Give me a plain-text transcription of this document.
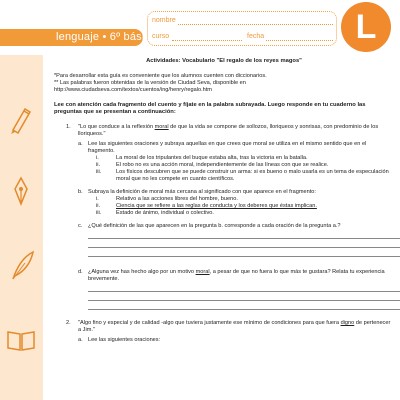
lenguaje • 6º básico
nombre
curso	fecha	L
Actividades: Vocabulario "El regalo de los reyes magos"

*Para desarrollar esta guía es conveniente que los alumnos cuenten con diccionarios.

** Las palabras fueron obtenidas de la versión de Ciudad Seva, disponible en

http://www.ciudadseva.com/textos/cuentos/ing/henry/regalo.htm

Lee con atención cada fragmento del cuento y fíjate en la palabra subrayada. Luego responde en tu cuaderno las preguntas que se presentan a continuación:
1. "Lo que conduce a la reflexión moral de que la vida se compone de sollozos, lloriqueos y sonrisas, con predominio de los lloriqueos."
a. Lee las siguientes oraciones y subraya aquellas en que crees que moral se utiliza en el mismo sentido que en el fragmento.
i.	La moral de los tripulantes del buque estaba alta, tras la victoria en la batalla.
ii.	El robo no es una acción moral, independientemente de las líneas con que se realice.
iii.	Los físicos descubren que se puede construir un arma: si es bueno o malo usarla es un tema de especulación moral que no les compete en cuanto científicos.
b. Subraya la definición de moral más cercana al significado con que aparece en el fragmento:
i.	Relativo a las acciones libres del hombre, bueno.
ii.	Ciencia que se refiere a las reglas de conducta y los deberes que éstas implican.
iii.	Estado de ánimo, individual o colectivo.
c. ¿Qué definición de las que aparecen en la pregunta b. corresponde a cada oración de la pregunta a.?
d. ¿Alguna vez has hecho algo por un motivo moral, a pesar de que no fuera lo que más te gustara? Relata tu experiencia brevemente.
2. "Algo fino y especial y de calidad -algo que tuviera justamente ese mínimo de condiciones para que fuera digno de pertenecer a Jim."
a. Lee las siguientes oraciones:
